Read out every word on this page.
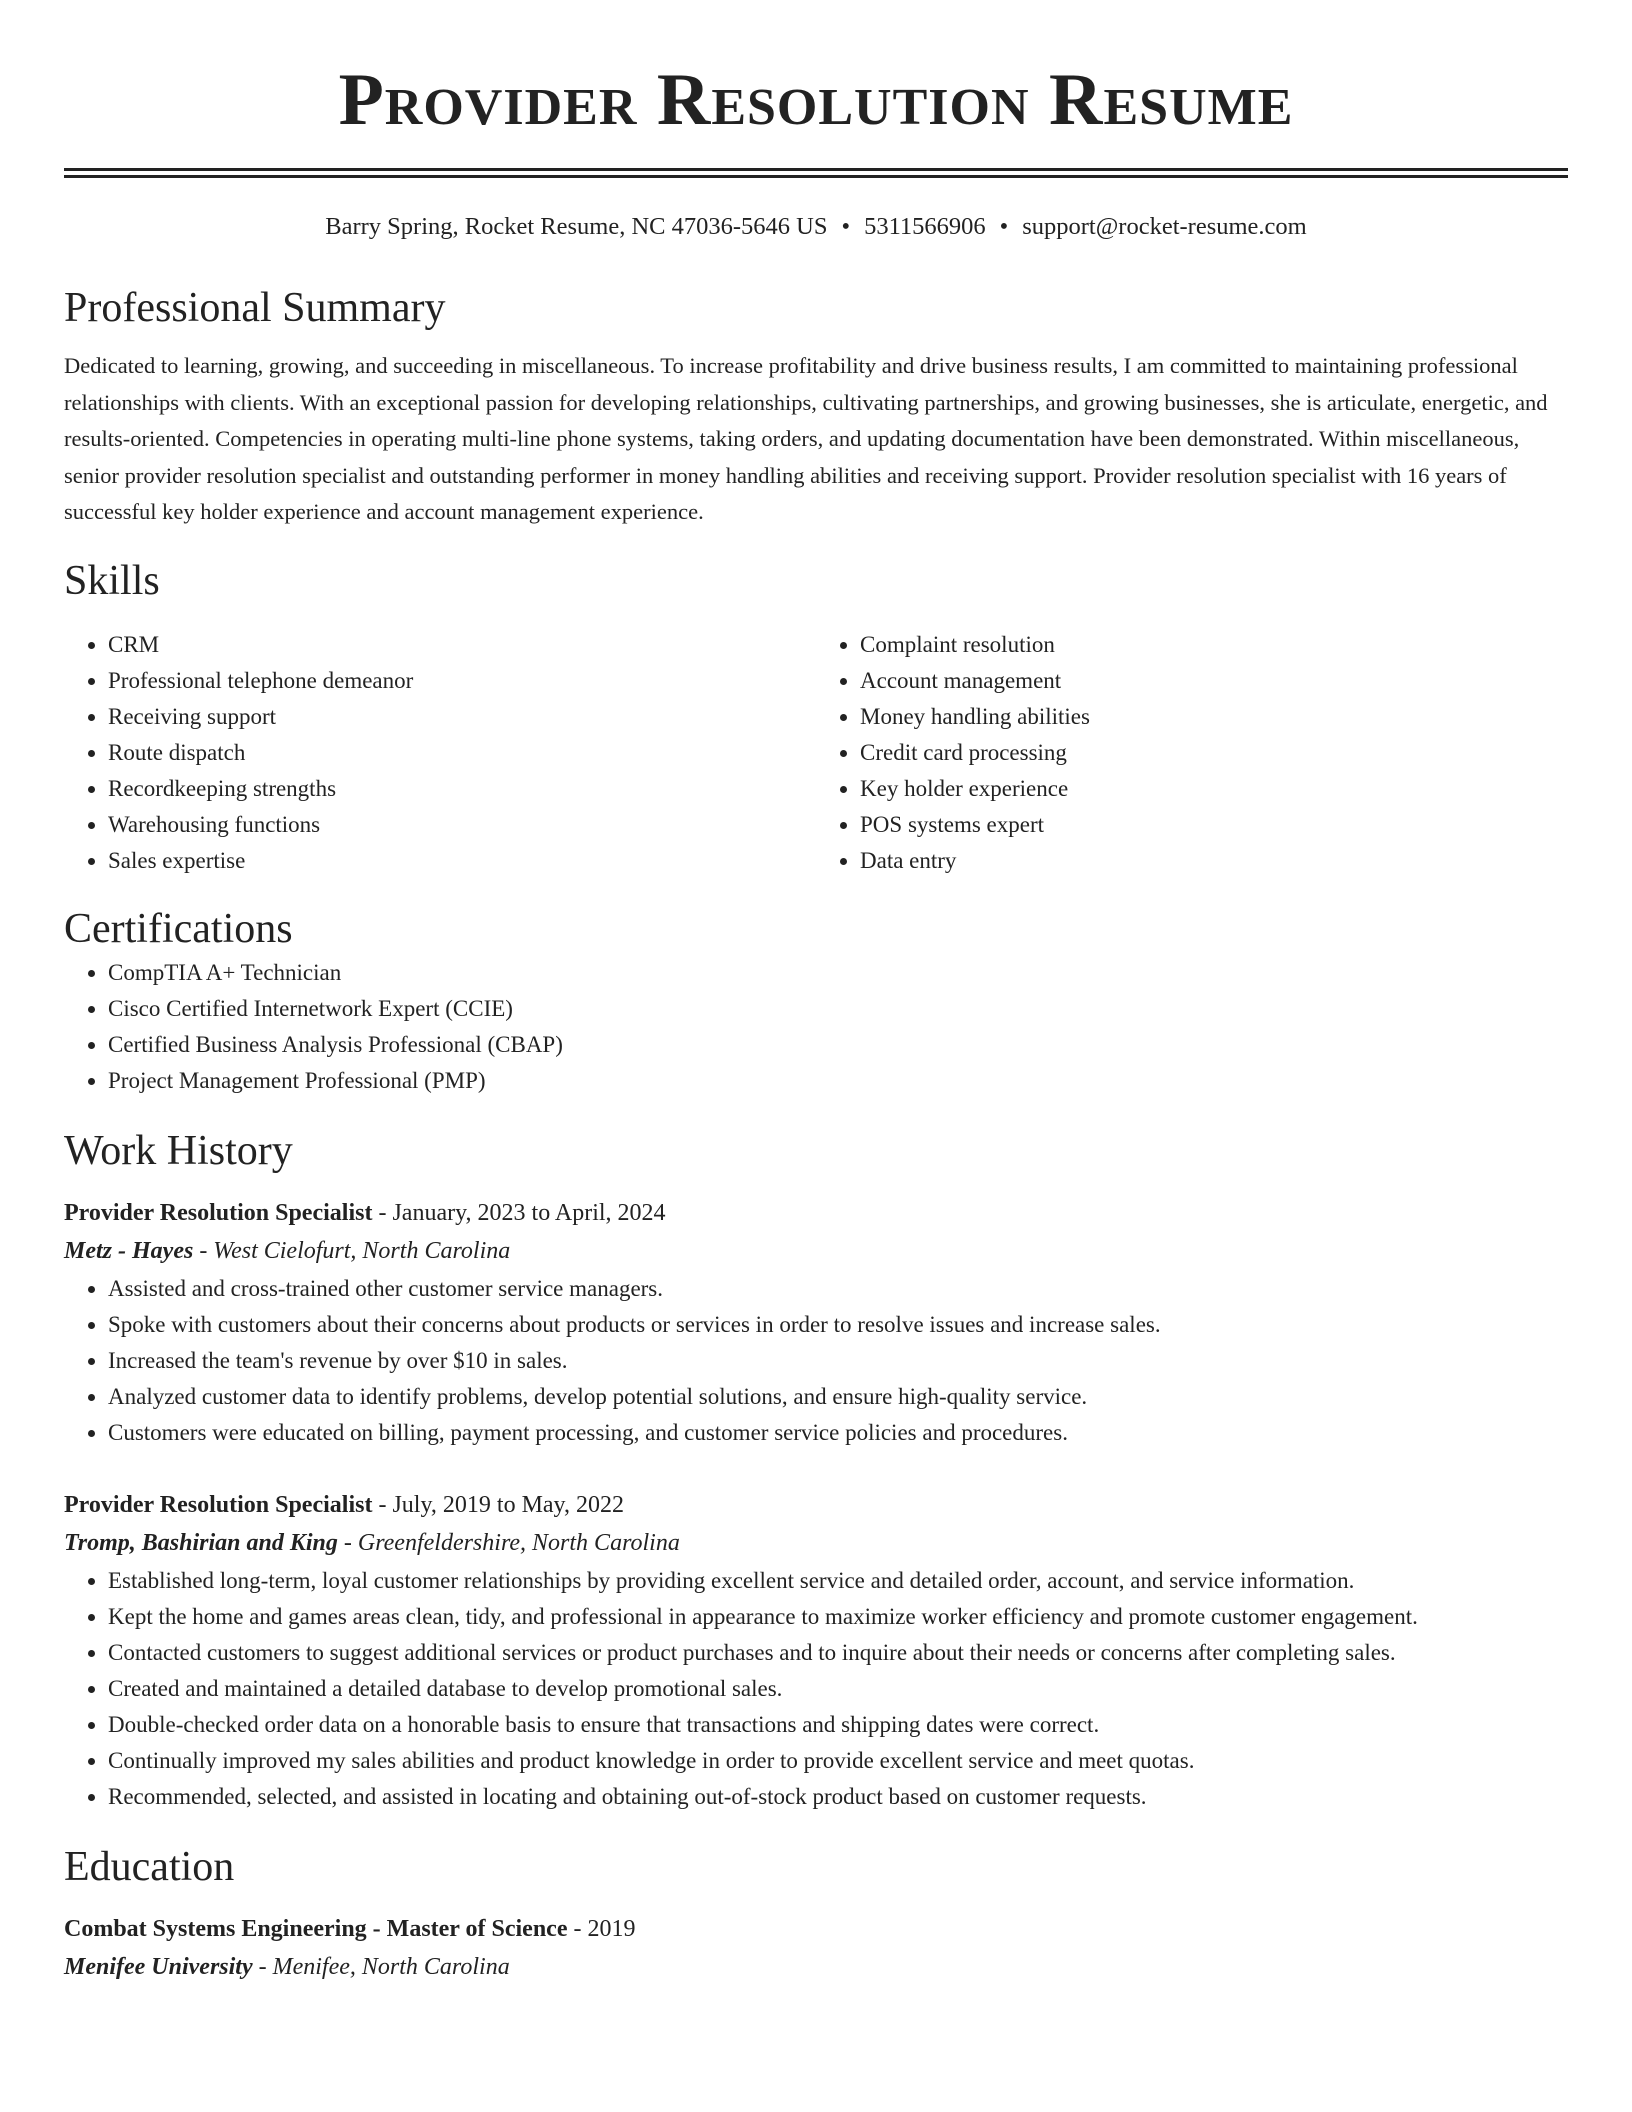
Provider Resolution Resume
Barry Spring, Rocket Resume, NC 47036-5646 US • 5311566906 • support@rocket-resume.com
Professional Summary

Dedicated to learning, growing, and succeeding in miscellaneous. To increase profitability and drive business results, I am committed to maintaining professional relationships with clients. With an exceptional passion for developing relationships, cultivating partnerships, and growing businesses, she is articulate, energetic, and results-oriented. Competencies in operating multi-line phone systems, taking orders, and updating documentation have been demonstrated. Within miscellaneous, senior provider resolution specialist and outstanding performer in money handling abilities and receiving support. Provider resolution specialist with 16 years of successful key holder experience and account management experience.

Skills
• CRM
• Professional telephone demeanor
• Receiving support
• Route dispatch
• Recordkeeping strengths
• Warehousing functions
• Sales expertise
• Complaint resolution
• Account management
• Money handling abilities
• Credit card processing
• Key holder experience
• POS systems expert
• Data entry
Certifications
• CompTIA A+ Technician
• Cisco Certified Internetwork Expert (CCIE)
• Certified Business Analysis Professional (CBAP)
• Project Management Professional (PMP)
Work History
Provider Resolution Specialist - January, 2023 to April, 2024
Metz - Hayes - West Cielofurt, North Carolina
• Assisted and cross-trained other customer service managers.
• Spoke with customers about their concerns about products or services in order to resolve issues and increase sales.
• Increased the team's revenue by over $10 in sales.
• Analyzed customer data to identify problems, develop potential solutions, and ensure high-quality service.
• Customers were educated on billing, payment processing, and customer service policies and procedures.
Provider Resolution Specialist - July, 2019 to May, 2022
Tromp, Bashirian and King - Greenfeldershire, North Carolina
• Established long-term, loyal customer relationships by providing excellent service and detailed order, account, and service information.
• Kept the home and games areas clean, tidy, and professional in appearance to maximize worker efficiency and promote customer engagement.
• Contacted customers to suggest additional services or product purchases and to inquire about their needs or concerns after completing sales.
• Created and maintained a detailed database to develop promotional sales.
• Double-checked order data on a honorable basis to ensure that transactions and shipping dates were correct.
• Continually improved my sales abilities and product knowledge in order to provide excellent service and meet quotas.
• Recommended, selected, and assisted in locating and obtaining out-of-stock product based on customer requests.
Education
Combat Systems Engineering - Master of Science - 2019
Menifee University - Menifee, North Carolina
